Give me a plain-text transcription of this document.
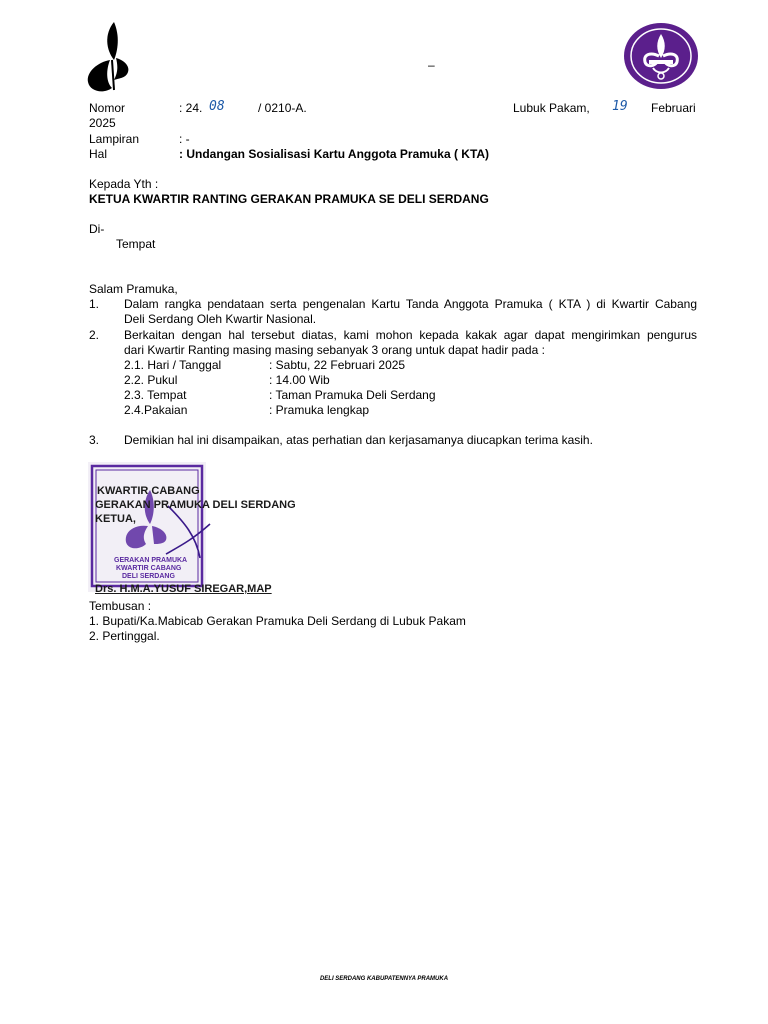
–
Nomor	: 24. 08	/ 0210-A.	Lubuk Pakam, 19 Februari
2025
Lampiran	: -
Hal	: Undangan Sosialisasi Kartu Anggota Pramuka ( KTA)
Kepada Yth :
KETUA KWARTIR RANTING GERAKAN PRAMUKA SE DELI SERDANG
Di-
Tempat
Salam Pramuka,
1. Dalam rangka pendataan serta pengenalan Kartu Tanda Anggota Pramuka ( KTA ) di Kwartir Cabang
Deli Serdang Oleh Kwartir Nasional.
2. Berkaitan dengan hal tersebut diatas, kami mohon kepada kakak agar dapat mengirimkan pengurus
dari Kwartir Ranting masing masing sebanyak 3 orang untuk dapat hadir pada :
2.1. Hari / Tanggal	: Sabtu, 22 Februari 2025
2.2. Pukul	: 14.00 Wib
2.3. Tempat	: Taman Pramuka Deli Serdang
2.4.Pakaian	: Pramuka lengkap
3. Demikian hal ini disampaikan, atas perhatian dan kerjasamanya diucapkan terima kasih.
KWARTIR CABANG
GERAKAN PRAMUKA DELI SERDANG
KETUA,
GERAKAN PRAMUKA
KWARTIR CABANG
DELI SERDANG
Drs. H.M.A.YUSUF SIREGAR,MAP
Tembusan :
1. Bupati/Ka.Mabicab Gerakan Pramuka Deli Serdang di Lubuk Pakam
2. Pertinggal.
DELI SERDANG KABUPATENNYA PRAMUKA
